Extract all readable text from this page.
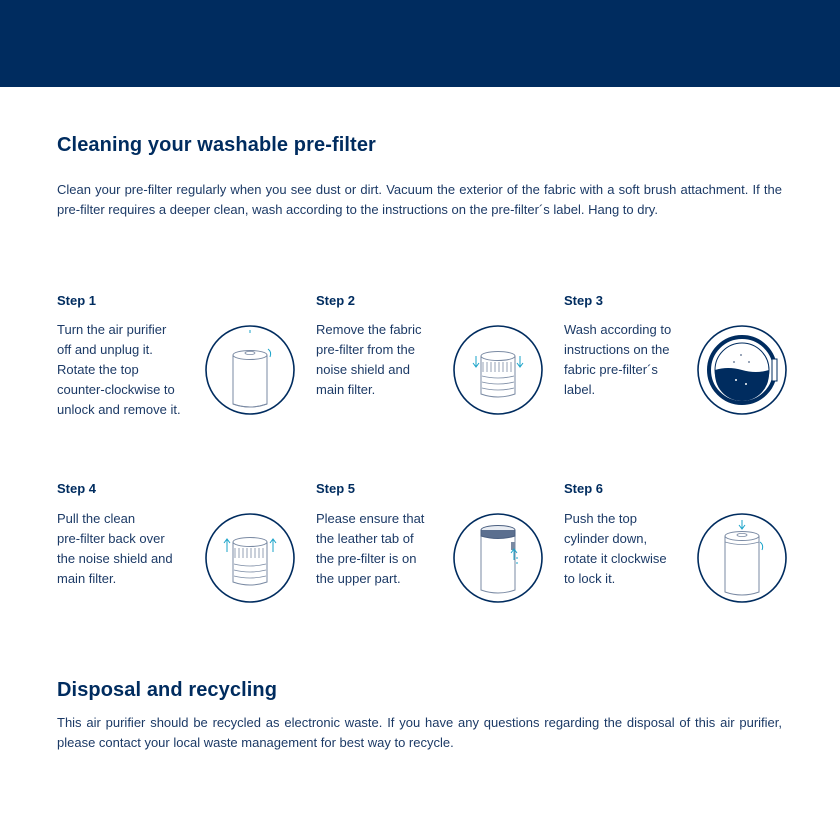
Cleaning your washable pre-filter
Clean your pre-filter regularly when you see dust or dirt. Vacuum the exterior of the fabric with a soft brush attachment. If the pre-filter requires a deeper clean, wash according to the instructions on the pre-filter´s label. Hang to dry.
Step 1
Turn the air purifier
off and unplug it.
Rotate the top
counter-clockwise to
unlock and remove it.
Step 2
Remove the fabric
pre-filter from the
noise shield and
main filter.
Step 3
Wash according to
instructions on the
fabric pre-filter´s
label.
Step 4
Pull the clean
pre-filter back over
the noise shield and
main filter.
Step 5
Please ensure that
the leather tab of
the pre-filter is on
the upper part.
Step 6
Push the top
cylinder down,
rotate it clockwise
to lock it.
Disposal and recycling
This air purifier should be recycled as electronic waste. If you have any questions regarding the disposal of this air purifier, please contact your local waste management for best way to recycle.
